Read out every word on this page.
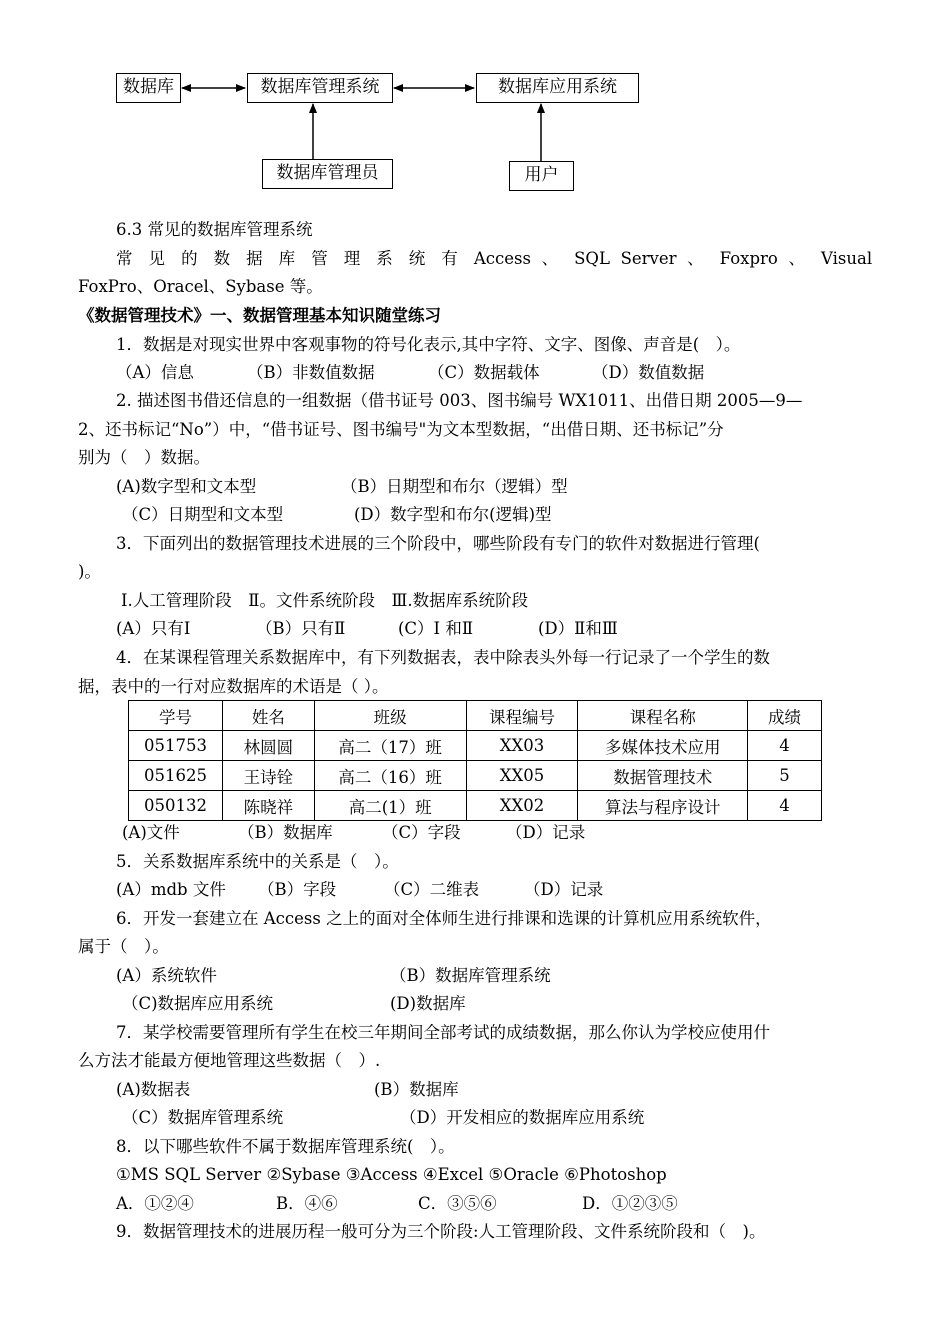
数据库	数据库管理系统	数据库应用系统
数据库管理员	用户
6.3 常见的数据库管理系统
常 见 的 数 据 库 管 理 系 统 有 Access 、 SQL Server 、 Foxpro 、 Visual
FoxPro、Oracel、Sybase 等。
《数据管理技术》一、数据管理基本知识随堂练习
1．数据是对现实世界中客观事物的符号化表示,其中字符、文字、图像、声音是(　）。
（A）信息	（B）非数值数据	（C）数据载体	（D）数值数据
2. 描述图书借还信息的一组数据（借书证号 003、图书编号 WX1011、出借日期 2005—9—
2、还书标记“No”）中，“借书证号、图书编号"为文本型数据，“出借日期、还书标记”分
别为（　）数据。
(A)数字型和文本型	（B）日期型和布尔（逻辑）型
（C）日期型和文本型	(D）数字型和布尔(逻辑)型
3．下面列出的数据管理技术进展的三个阶段中，哪些阶段有专门的软件对数据进行管理(
)。
Ⅰ.人工管理阶段　Ⅱ。文件系统阶段　Ⅲ.数据库系统阶段
(A）只有Ⅰ	（B）只有Ⅱ	(C）Ⅰ 和Ⅱ	(D）Ⅱ和Ⅲ
4．在某课程管理关系数据库中，有下列数据表，表中除表头外每一行记录了一个学生的数
据，表中的一行对应数据库的术语是（ ）。
学号	姓名	班级	课程编号	课程名称	成绩
051753	林圆圆	高二（17）班	XX03	多媒体技术应用	4
051625	王诗铨	高二（16）班	XX05	数据管理技术	5
050132	陈晓祥	高二(1）班	XX02	算法与程序设计	4
(A)文件	（B）数据库	（C）字段	（D）记录
5．关系数据库系统中的关系是（　）。
(A）mdb 文件 （B）字段	（C）二维表	（D）记录
6．开发一套建立在 Access 之上的面对全体师生进行排课和选课的计算机应用系统软件，
属于（　）。
(A）系统软件	（B）数据库管理系统
（C)数据库应用系统	(D)数据库
7．某学校需要管理所有学生在校三年期间全部考试的成绩数据，那么你认为学校应使用什
么方法才能最方便地管理这些数据（　）.
(A)数据表	(B）数据库
（C）数据库管理系统	（D）开发相应的数据库应用系统
8．以下哪些软件不属于数据库管理系统(　）。
①MS SQL Server ②Sybase ③Access ④Excel ⑤Oracle ⑥Photoshop
A．①②④	B．④⑥	C．③⑤⑥	D．①②③⑤
9．数据管理技术的进展历程一般可分为三个阶段:人工管理阶段、文件系统阶段和（　)。
